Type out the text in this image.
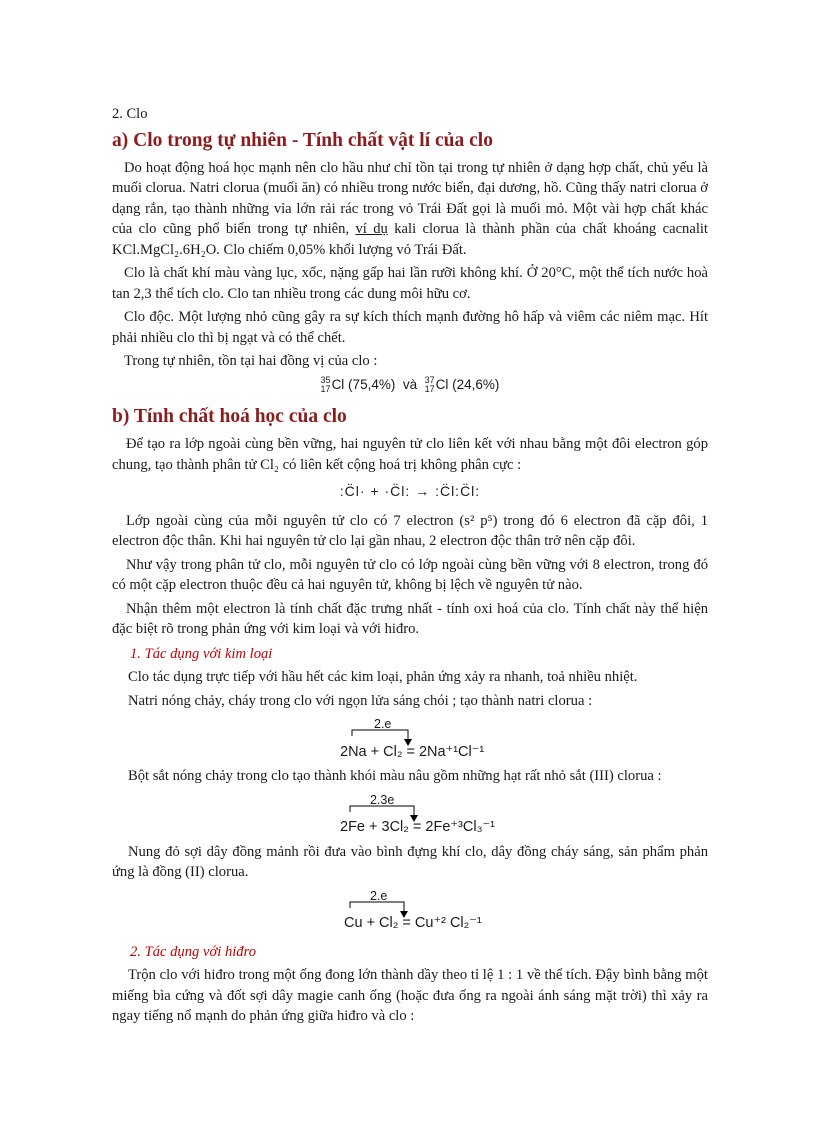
2. Clo

a) Clo trong tự nhiên - Tính chất vật lí của clo

Do hoạt động hoá học mạnh nên clo hầu như chỉ tồn tại trong tự nhiên ở dạng hợp chất, chủ yếu là muối clorua. Natri clorua (muối ăn) có nhiều trong nước biển, đại dương, hồ. Cũng thấy natri clorua ở dạng rắn, tạo thành những vỉa lớn rải rác trong vỏ Trái Đất gọi là muối mỏ. Một vài hợp chất khác của clo cũng phổ biến trong tự nhiên, ví dụ kali clorua là thành phần của chất khoáng cacnalit KCl.MgCl₂.6H₂O. Clo chiếm 0,05% khối lượng vỏ Trái Đất.

Clo là chất khí màu vàng lục, xốc, nặng gấp hai lần rưỡi không khí. Ở 20°C, một thể tích nước hoà tan 2,3 thể tích clo. Clo tan nhiều trong các dung môi hữu cơ.

Clo độc. Một lượng nhỏ cũng gây ra sự kích thích mạnh đường hô hấp và viêm các niêm mạc. Hít phải nhiều clo thì bị ngạt và có thể chết.

Trong tự nhiên, tồn tại hai đồng vị của clo :

35
17Cl (75,4%) và 37
17Cl (24,6%)
b) Tính chất hoá học của clo

Để tạo ra lớp ngoài cùng bền vững, hai nguyên tử clo liên kết với nhau bằng một đôi electron góp chung, tạo thành phân tử Cl₂ có liên kết cộng hoá trị không phân cực :

:C̈l· + ·C̈l: → :C̈l:C̈l:

Lớp ngoài cùng của mỗi nguyên tử clo có 7 electron (s² p⁵) trong đó 6 electron đã cặp đôi, 1 electron độc thân. Khi hai nguyên tử clo lại gần nhau, 2 electron độc thân trở nên cặp đôi.

Như vậy trong phân tử clo, mỗi nguyên tử clo có lớp ngoài cùng bền vững với 8 electron, trong đó có một cặp electron thuộc đều cả hai nguyên tử, không bị lệch về nguyên tử nào.

Nhận thêm một electron là tính chất đặc trưng nhất - tính oxi hoá của clo. Tính chất này thể hiện đặc biệt rõ trong phản ứng với kim loại và với hiđro.

1. Tác dụng với kim loại

Clo tác dụng trực tiếp với hầu hết các kim loại, phản ứng xảy ra nhanh, toả nhiều nhiệt.

Natri nóng chảy, cháy trong clo với ngọn lửa sáng chói ; tạo thành natri clorua :

2.e
2Na + Cl₂ = 2Na⁺¹Cl⁻¹

Bột sắt nóng chảy trong clo tạo thành khói màu nâu gồm những hạt rất nhỏ sắt (III) clorua :

2.3e
2Fe + 3Cl₂ = 2Fe⁺³Cl₃⁻¹

Nung đỏ sợi dây đồng mảnh rồi đưa vào bình đựng khí clo, dây đồng cháy sáng, sản phẩm phản ứng là đồng (II) clorua.

2.e
Cu + Cl₂ = Cu⁺² Cl₂⁻¹

2. Tác dụng với hiđro

Trộn clo với hiđro trong một ống đong lớn thành dầy theo tỉ lệ 1 : 1 về thể tích. Đậy bình bằng một miếng bìa cứng và đốt sợi dây magie canh ống (hoặc đưa ống ra ngoài ánh sáng mặt trời) thì xảy ra ngay tiếng nổ mạnh do phản ứng giữa hiđro và clo :
